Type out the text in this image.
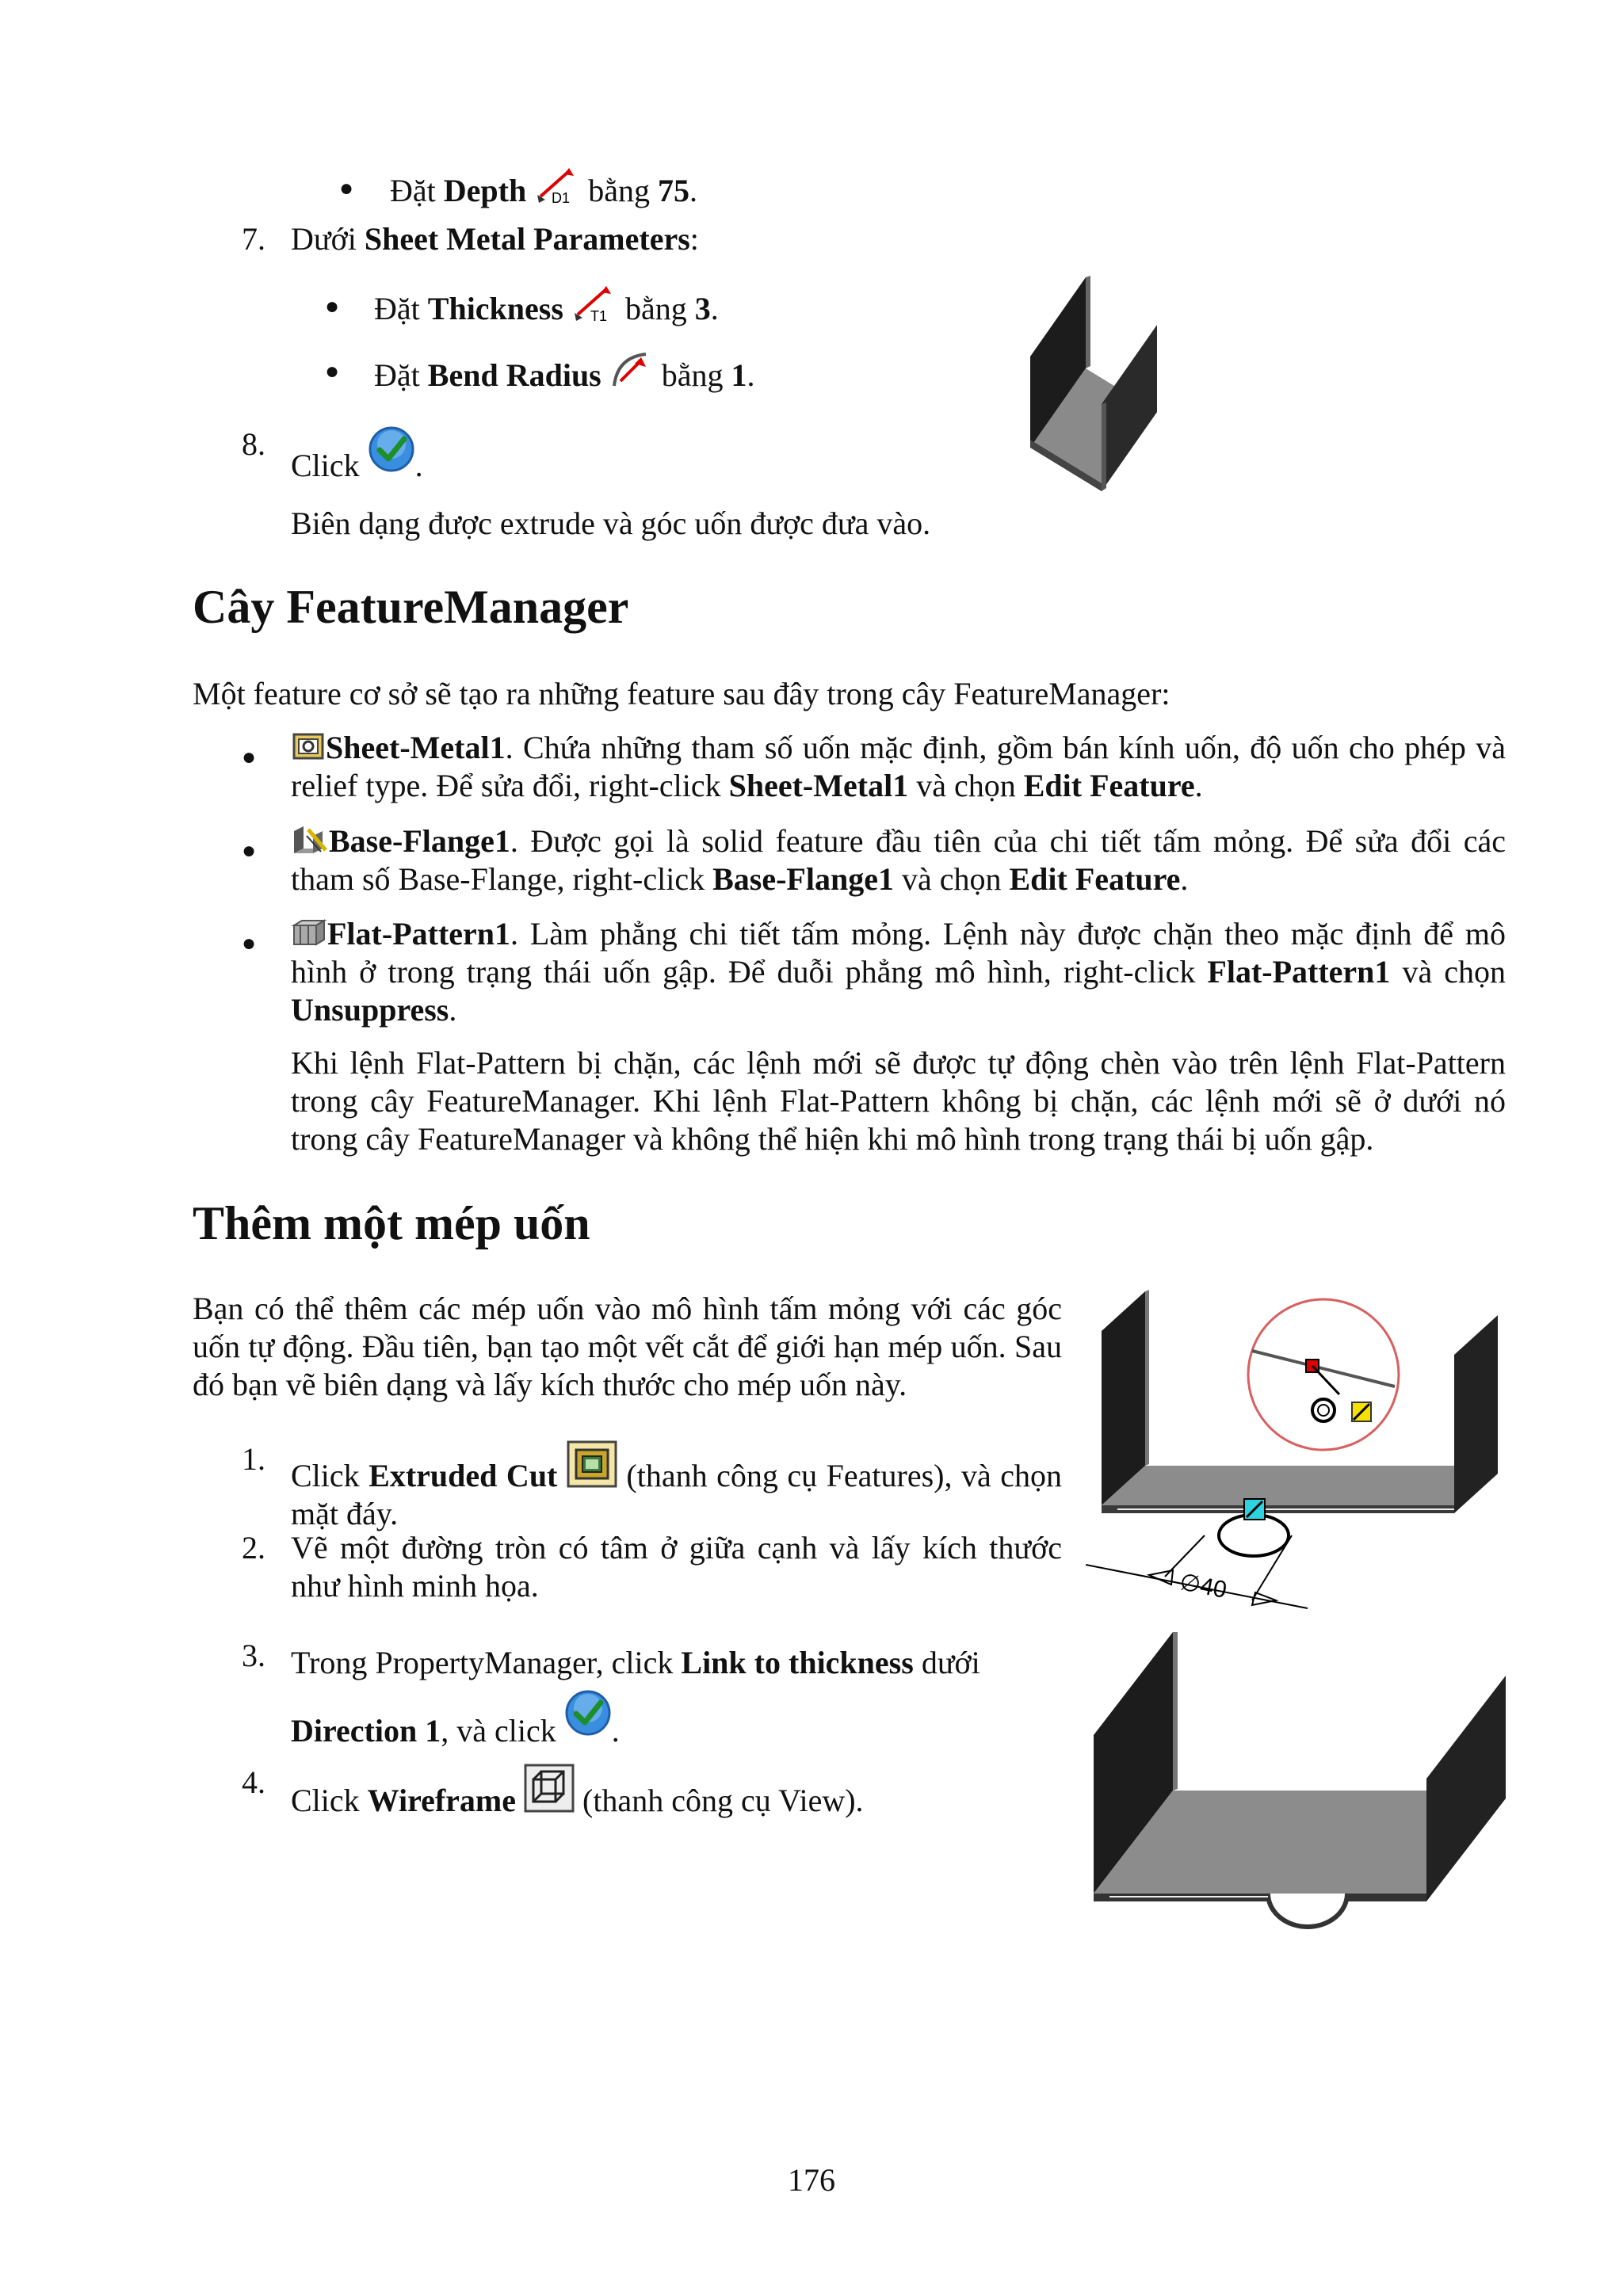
● Đặt Depth D1 bằng 75.
7. Dưới Sheet Metal Parameters:
● Đặt Thickness T1 bằng 3.
● Đặt Bend Radius
bằng 1.
8.
Click .
Biên dạng được extrude và góc uốn được đưa vào.
Cây FeatureManager
Một feature cơ sở sẽ tạo ra những feature sau đây trong cây FeatureManager:
●	Sheet-Metal1. Chứa những tham số uốn mặc định, gồm bán kính uốn, độ uốn cho phép và relief type. Để sửa đổi, right-click Sheet-Metal1 và chọn Edit Feature.
●	Base-Flange1. Được gọi là solid feature đầu tiên của chi tiết tấm mỏng. Để sửa đổi các tham số Base-Flange, right-click Base-Flange1 và chọn Edit Feature.
●	Flat-Pattern1. Làm phẳng chi tiết tấm mỏng. Lệnh này được chặn theo mặc định để mô hình ở trong trạng thái uốn gập. Để duỗi phẳng mô hình, right-click Flat-Pattern1 và chọn Unsuppress.
Khi lệnh Flat-Pattern bị chặn, các lệnh mới sẽ được tự động chèn vào trên lệnh Flat-Pattern trong cây FeatureManager. Khi lệnh Flat-Pattern không bị chặn, các lệnh mới sẽ ở dưới nó trong cây FeatureManager và không thể hiện khi mô hình trong trạng thái bị uốn gập.
Thêm một mép uốn
Bạn có thể thêm các mép uốn vào mô hình tấm mỏng với các góc uốn tự động. Đầu tiên, bạn tạo một vết cắt để giới hạn mép uốn. Sau đó bạn vẽ biên dạng và lấy kích thước cho mép uốn này.
1. Click Extruded Cut
(thanh công cụ Features), và chọn mặt đáy.
2. Vẽ một đường tròn có tâm ở giữa cạnh và lấy kích thước như hình minh họa.
3. Trong PropertyManager, click Link to thickness dưới
Direction 1, và click .
4.
Click Wireframe
(thanh công cụ View).
∅40
176
